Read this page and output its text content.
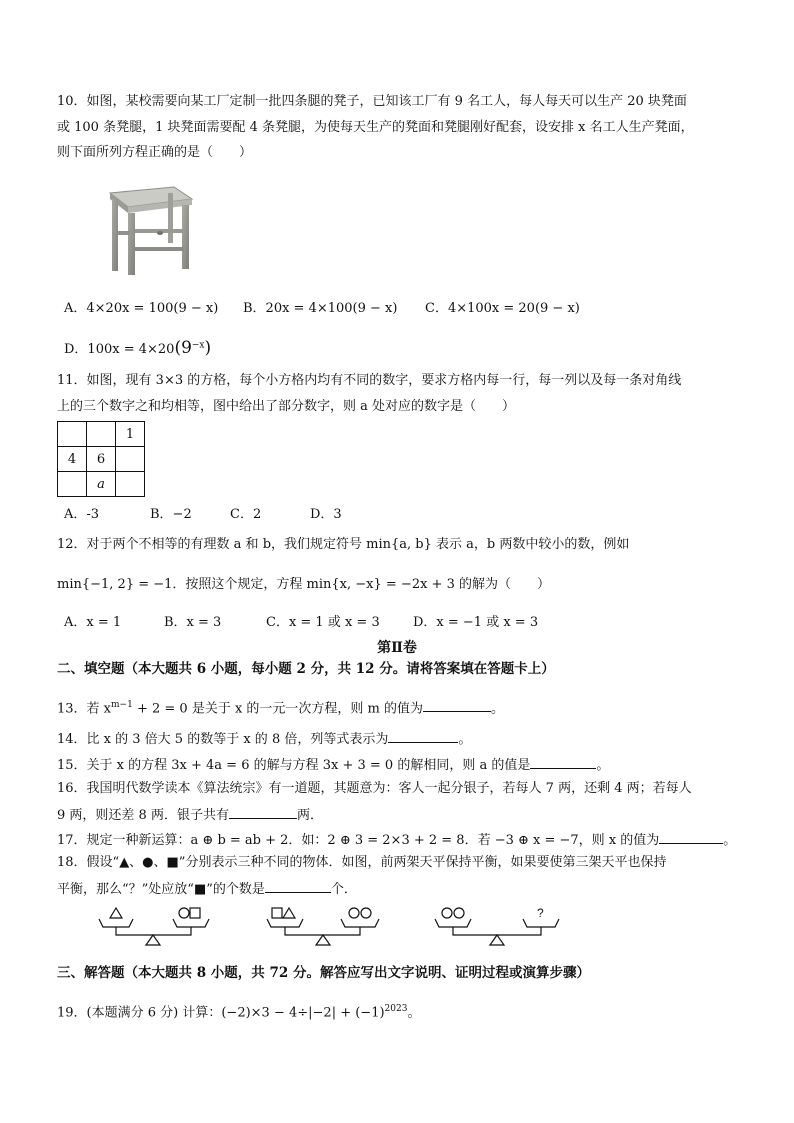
10．如图，某校需要向某工厂定制一批四条腿的凳子，已知该工厂有 9 名工人，每人每天可以生产 20 块凳面
或 100 条凳腿，1 块凳面需要配 4 条凳腿，为使每天生产的凳面和凳腿刚好配套，设安排 x 名工人生产凳面，
则下面所列方程正确的是（　　）
A．4×20x = 100(9 − x) B．20x = 4×100(9 − x) C．4×100x = 20(9 − x)
D．$100x = 4\times 20(9^{-x})$
11．如图，现有 3×3 的方格，每个小方格内均有不同的数字，要求方格内每一行，每一列以及每一条对角线
上的三个数字之和均相等，图中给出了部分数字，则 a 处对应的数字是（　　）
		1
4	6	
	a	
A．-3	B．−2	C．2	D．3
12．对于两个不相等的有理数 a 和 b，我们规定符号 min{a, b} 表示 a，b 两数中较小的数，例如
min{−1, 2} = −1．按照这个规定，方程 min{x, −x} = −2x + 3 的解为（　　）
A．x = 1	B．x = 3	C．x = 1 或 x = 3	D．x = −1 或 x = 3
第Ⅱ卷
二、填空题（本大题共 6 小题，每小题 2 分，共 12 分。请将答案填在答题卡上）
13．若 $x^{m-1} + 2 = 0$ 是关于 x 的一元一次方程，则 m 的值为	。
14．比 x 的 3 倍大 5 的数等于 x 的 8 倍，列等式表示为	。
15．关于 x 的方程 3x + 4a = 6 的解与方程 3x + 3 = 0 的解相同，则 a 的值是	。
16．我国明代数学读本《算法统宗》有一道题，其题意为：客人一起分银子，若每人 7 两，还剩 4 两；若每人
9 两，则还差 8 两．银子共有	两．
17．规定一种新运算：a ⊕ b = ab + 2．如：2 ⊕ 3 = 2×3 + 2 = 8．若 −3 ⊕ x = −7，则 x 的值为	。
18．假设“▲、●、■”分别表示三种不同的物体．如图，前两架天平保持平衡，如果要使第三架天平也保持
平衡，那么“？”处应放“■”的个数是	个．
?
三、解答题（本大题共 8 小题，共 72 分。解答应写出文字说明、证明过程或演算步骤）
19．(本题满分 6 分) 计算：$(-2)\times 3 - 4\div|-2| + (-1)^{2023}$。
